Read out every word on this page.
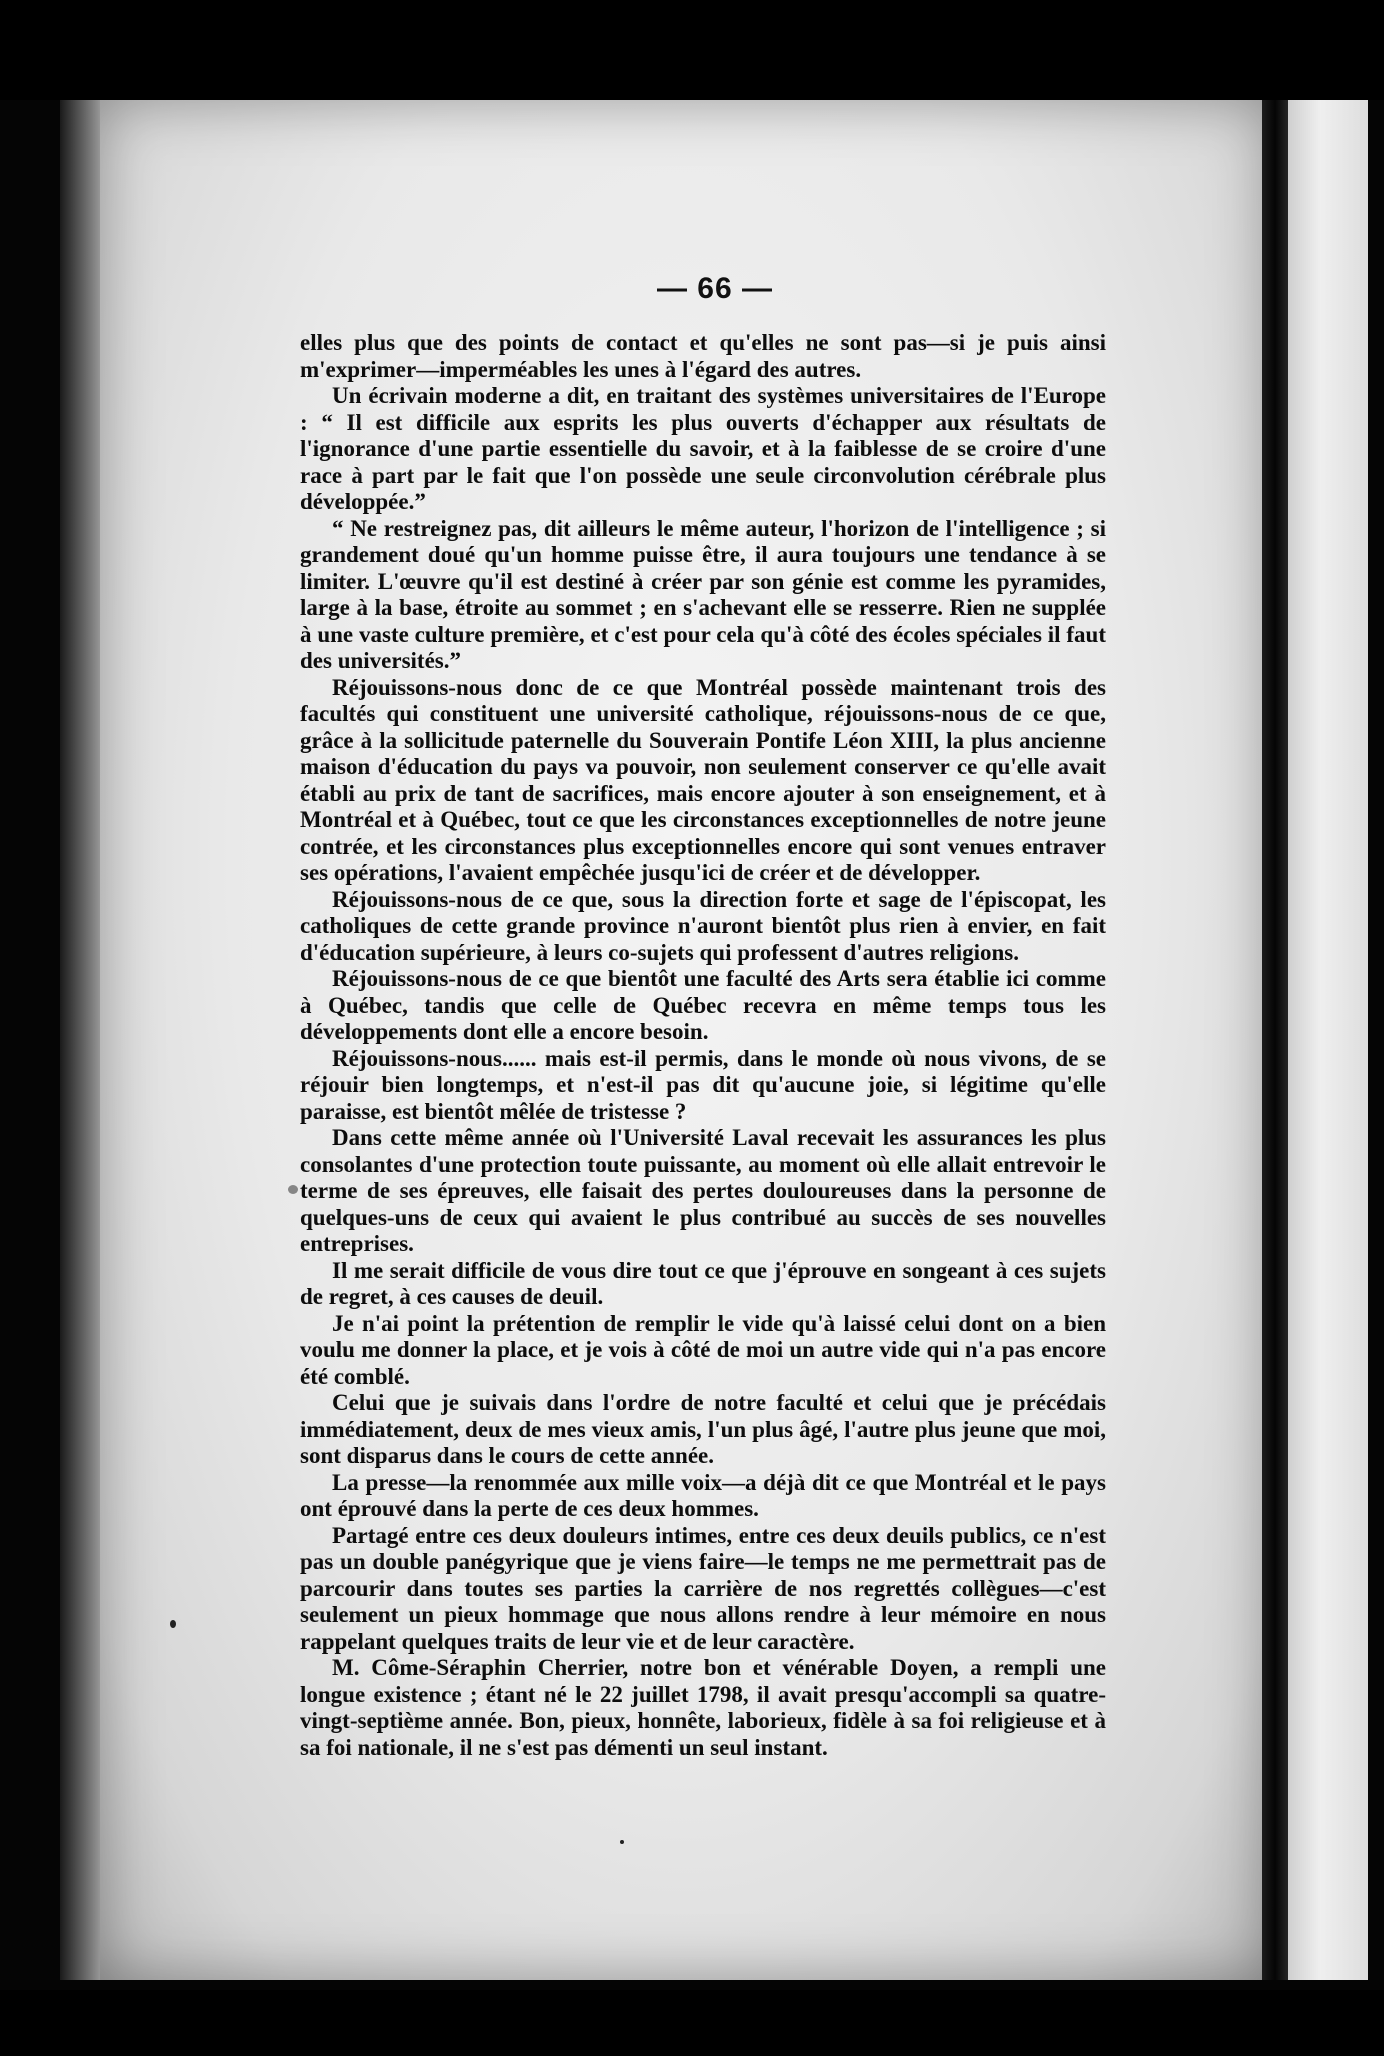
— 66 —

elles plus que des points de contact et qu'elles ne sont pas—si je puis ainsi m'exprimer—imperméables les unes à l'égard des autres.

Un écrivain moderne a dit, en traitant des systèmes universitaires de l'Europe : “ Il est difficile aux esprits les plus ouverts d'échapper aux résultats de l'ignorance d'une partie essentielle du savoir, et à la faiblesse de se croire d'une race à part par le fait que l'on possède une seule circonvolution cérébrale plus développée.”

“ Ne restreignez pas, dit ailleurs le même auteur, l'horizon de l'intelligence ; si grandement doué qu'un homme puisse être, il aura toujours une tendance à se limiter. L'œuvre qu'il est destiné à créer par son génie est comme les pyramides, large à la base, étroite au sommet ; en s'achevant elle se resserre. Rien ne supplée à une vaste culture première, et c'est pour cela qu'à côté des écoles spéciales il faut des universités.”

Réjouissons-nous donc de ce que Montréal possède maintenant trois des facultés qui constituent une université catholique, réjouissons-nous de ce que, grâce à la sollicitude paternelle du Souverain Pontife Léon XIII, la plus ancienne maison d'éducation du pays va pouvoir, non seulement conserver ce qu'elle avait établi au prix de tant de sacrifices, mais encore ajouter à son enseignement, et à Montréal et à Québec, tout ce que les circonstances exceptionnelles de notre jeune contrée, et les circonstances plus exceptionnelles encore qui sont venues entraver ses opérations, l'avaient empêchée jusqu'ici de créer et de développer.

Réjouissons-nous de ce que, sous la direction forte et sage de l'épiscopat, les catholiques de cette grande province n'auront bientôt plus rien à envier, en fait d'éducation supérieure, à leurs co-sujets qui professent d'autres religions.

Réjouissons-nous de ce que bientôt une faculté des Arts sera établie ici comme à Québec, tandis que celle de Québec recevra en même temps tous les développements dont elle a encore besoin.

Réjouissons-nous...... mais est-il permis, dans le monde où nous vivons, de se réjouir bien longtemps, et n'est-il pas dit qu'aucune joie, si légitime qu'elle paraisse, est bientôt mêlée de tristesse ?

Dans cette même année où l'Université Laval recevait les assurances les plus consolantes d'une protection toute puissante, au moment où elle allait entrevoir le terme de ses épreuves, elle faisait des pertes douloureuses dans la personne de quelques-uns de ceux qui avaient le plus contribué au succès de ses nouvelles entreprises.

Il me serait difficile de vous dire tout ce que j'éprouve en songeant à ces sujets de regret, à ces causes de deuil.

Je n'ai point la prétention de remplir le vide qu'à laissé celui dont on a bien voulu me donner la place, et je vois à côté de moi un autre vide qui n'a pas encore été comblé.

Celui que je suivais dans l'ordre de notre faculté et celui que je précédais immédiatement, deux de mes vieux amis, l'un plus âgé, l'autre plus jeune que moi, sont disparus dans le cours de cette année.

La presse—la renommée aux mille voix—a déjà dit ce que Montréal et le pays ont éprouvé dans la perte de ces deux hommes.

Partagé entre ces deux douleurs intimes, entre ces deux deuils publics, ce n'est pas un double panégyrique que je viens faire—le temps ne me permettrait pas de parcourir dans toutes ses parties la carrière de nos regrettés collègues—c'est seulement un pieux hommage que nous allons rendre à leur mémoire en nous rappelant quelques traits de leur vie et de leur caractère.

M. Côme-Séraphin Cherrier, notre bon et vénérable Doyen, a rempli une longue existence ; étant né le 22 juillet 1798, il avait presqu'accompli sa quatre-vingt-septième année. Bon, pieux, honnête, laborieux, fidèle à sa foi religieuse et à sa foi nationale, il ne s'est pas démenti un seul instant.
